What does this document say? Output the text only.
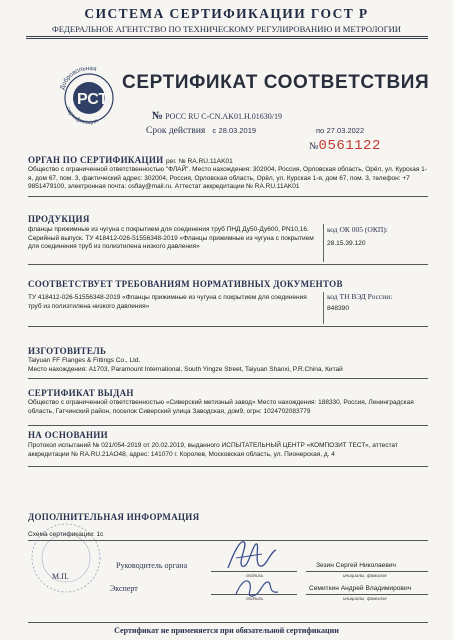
СИСТЕМА СЕРТИФИКАЦИИ ГОСТ Р
ФЕДЕРАЛЬНОЕ АГЕНТСТВО ПО ТЕХНИЧЕСКОМУ РЕГУЛИРОВАНИЮ И МЕТРОЛОГИИ
РСТ
Добровольная
сертификация
СЕРТИФИКАТ СООТВЕТСТВИЯ
№ РОСС RU C-CN.AK01.H.01630/19
Срок действия с 28.03.2019	по 27.03.2022
№0561122
ОРГАН ПО СЕРТИФИКАЦИИ рег. № RA.RU.11AK01
Общество с ограниченной ответственностью "ФЛАЙ". Место нахождения: 302004, Россия, Орловская область, Орёл, ул. Курская 1-я, дом 67, пом. 3, фактический адрес: 302004, Россия, Орловская область, Орёл, ул. Курская 1-я, дом 67, пом. 3, телефон: +7 9851479100, электронная почта: osflay@mail.ru. Аттестат аккредитации № RA.RU.11AK01
ПРОДУКЦИЯ
фланцы прижимные из чугуна с покрытием для соединения труб ПНД Ду50-Ду600, PN10,16. Серийный выпуск. ТУ 418412-026-51556348-2019 «Фланцы прижимные из чугуна с покрытием для соединения труб из полиэтилена низкого давления»
код ОК 005 (ОКП):
28.15.39.120
СООТВЕТСТВУЕТ ТРЕБОВАНИЯМ НОРМАТИВНЫХ ДОКУМЕНТОВ
ТУ 418412-026-51556348-2019 «Фланцы прижимные из чугуна с покрытием для соединения труб из полиэтилена низкого давления»
код ТН ВЭД России:
848390
ИЗГОТОВИТЕЛЬ
Taiyuan FF Flanges & Fittings Co., Ltd.
Место нахождения: A1703, Paramount International, South Yingze Street, Taiyuan Shanxi, P.R.China, Китай
СЕРТИФИКАТ ВЫДАН
Общество с ограниченной ответственностью «Сиверский метизный завод» Место нахождения: 188330, Россия, Ленинградская область, Гатчинский район, поселок Сиверский улица Заводская, дом9, огрн: 1024702083779
НА ОСНОВАНИИ
Протокол испытаний № 021/054-2019 от 20.02.2019, выданного ИСПЫТАТЕЛЬНЫЙ ЦЕНТР «КОМПОЗИТ ТЕСТ», аттестат аккредитации № RA.RU.21AO48, адрес: 141070 г. Королев, Московская область, ул. Пионерская, д. 4
ДОПОЛНИТЕЛЬНАЯ ИНФОРМАЦИЯ
Схема сертификации: 1с
М.П.
Руководитель органа
подпись
Зезин Сергей Николаевич
инициалы, фамилия
Эксперт
подпись
Семиткин Андрей Владимирович
инициалы, фамилия
Сертификат не применяется при обязательной сертификации
